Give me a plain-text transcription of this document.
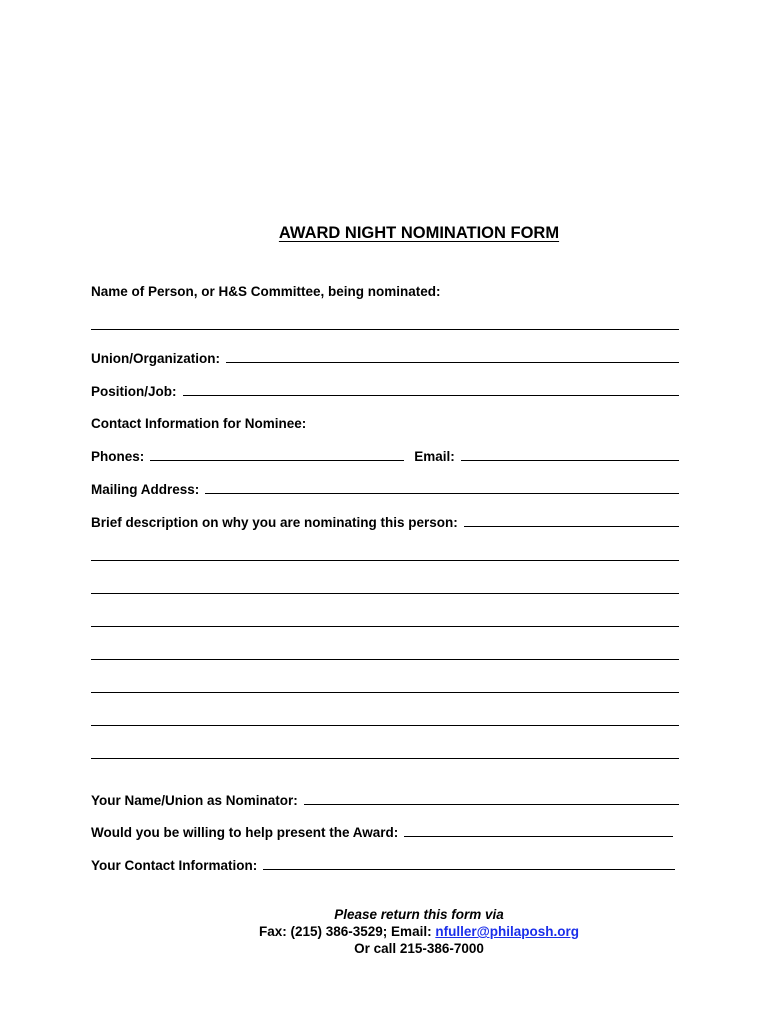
AWARD NIGHT NOMINATION FORM
Name of Person, or H&S Committee, being nominated:
Union/Organization:
Position/Job:
Contact Information for Nominee:
Phones:	Email:
Mailing Address:
Brief description on why you are nominating this person:
Your Name/Union as Nominator:
Would you be willing to help present the Award:
Your Contact Information:
Please return this form via
Fax: (215) 386-3529; Email: nfuller@philaposh.org
Or call 215-386-7000
